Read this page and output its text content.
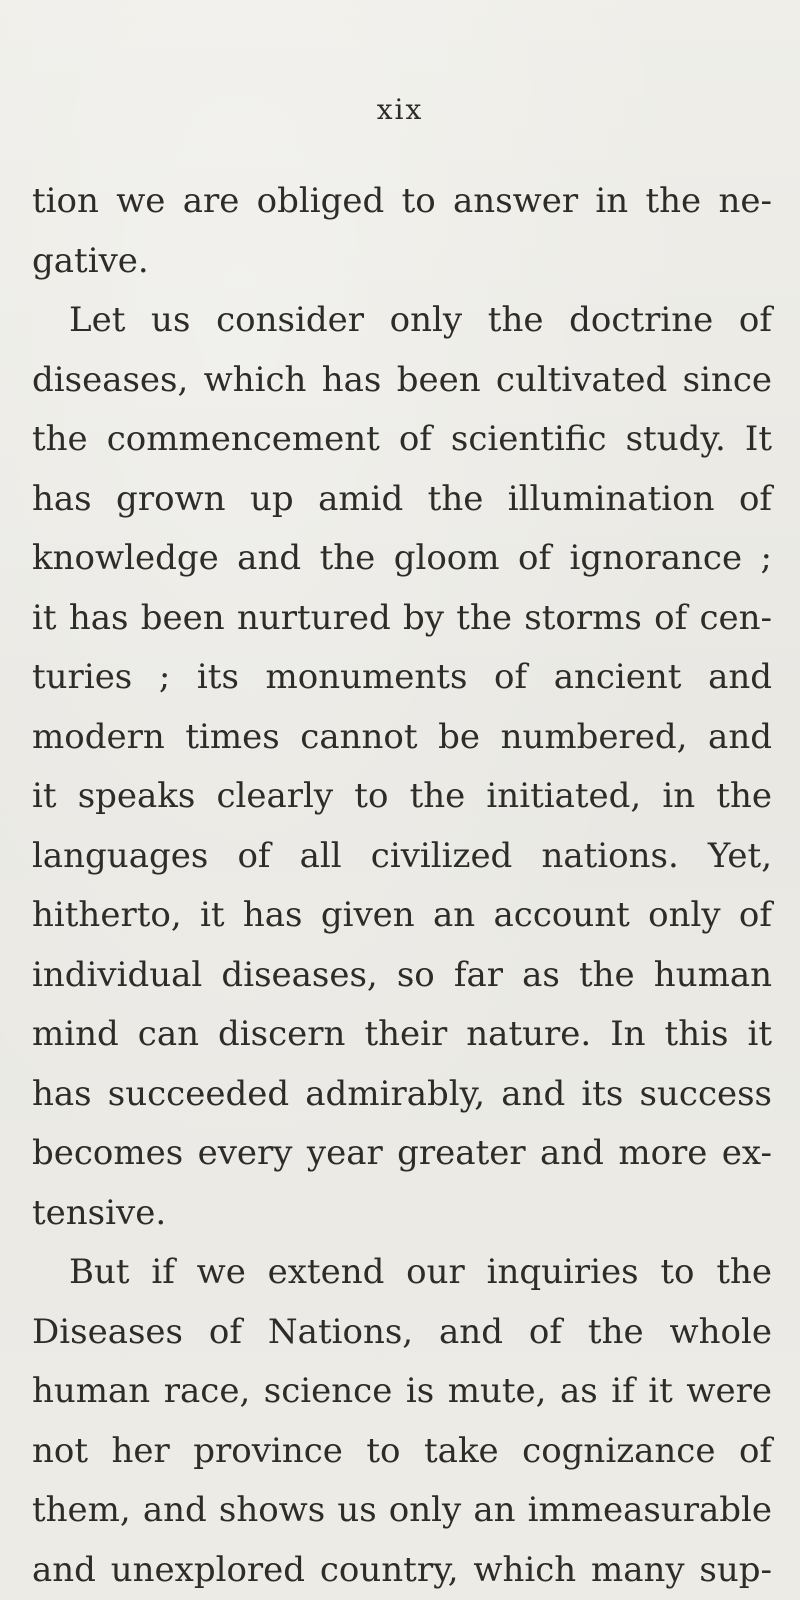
xix
tion we are obliged to answer in the ne-
gative.
Let us consider only the doctrine of
diseases, which has been cultivated since
the commencement of scientific study. It
has grown up amid the illumination of
knowledge and the gloom of ignorance ;
it has been nurtured by the storms of cen-
turies ; its monuments of ancient and
modern times cannot be numbered, and
it speaks clearly to the initiated, in the
languages of all civilized nations. Yet,
hitherto, it has given an account only of
individual diseases, so far as the human
mind can discern their nature. In this it
has succeeded admirably, and its success
becomes every year greater and more ex-
tensive.
But if we extend our inquiries to the
Diseases of Nations, and of the whole
human race, science is mute, as if it were
not her province to take cognizance of
them, and shows us only an immeasurable
and unexplored country, which many sup-
